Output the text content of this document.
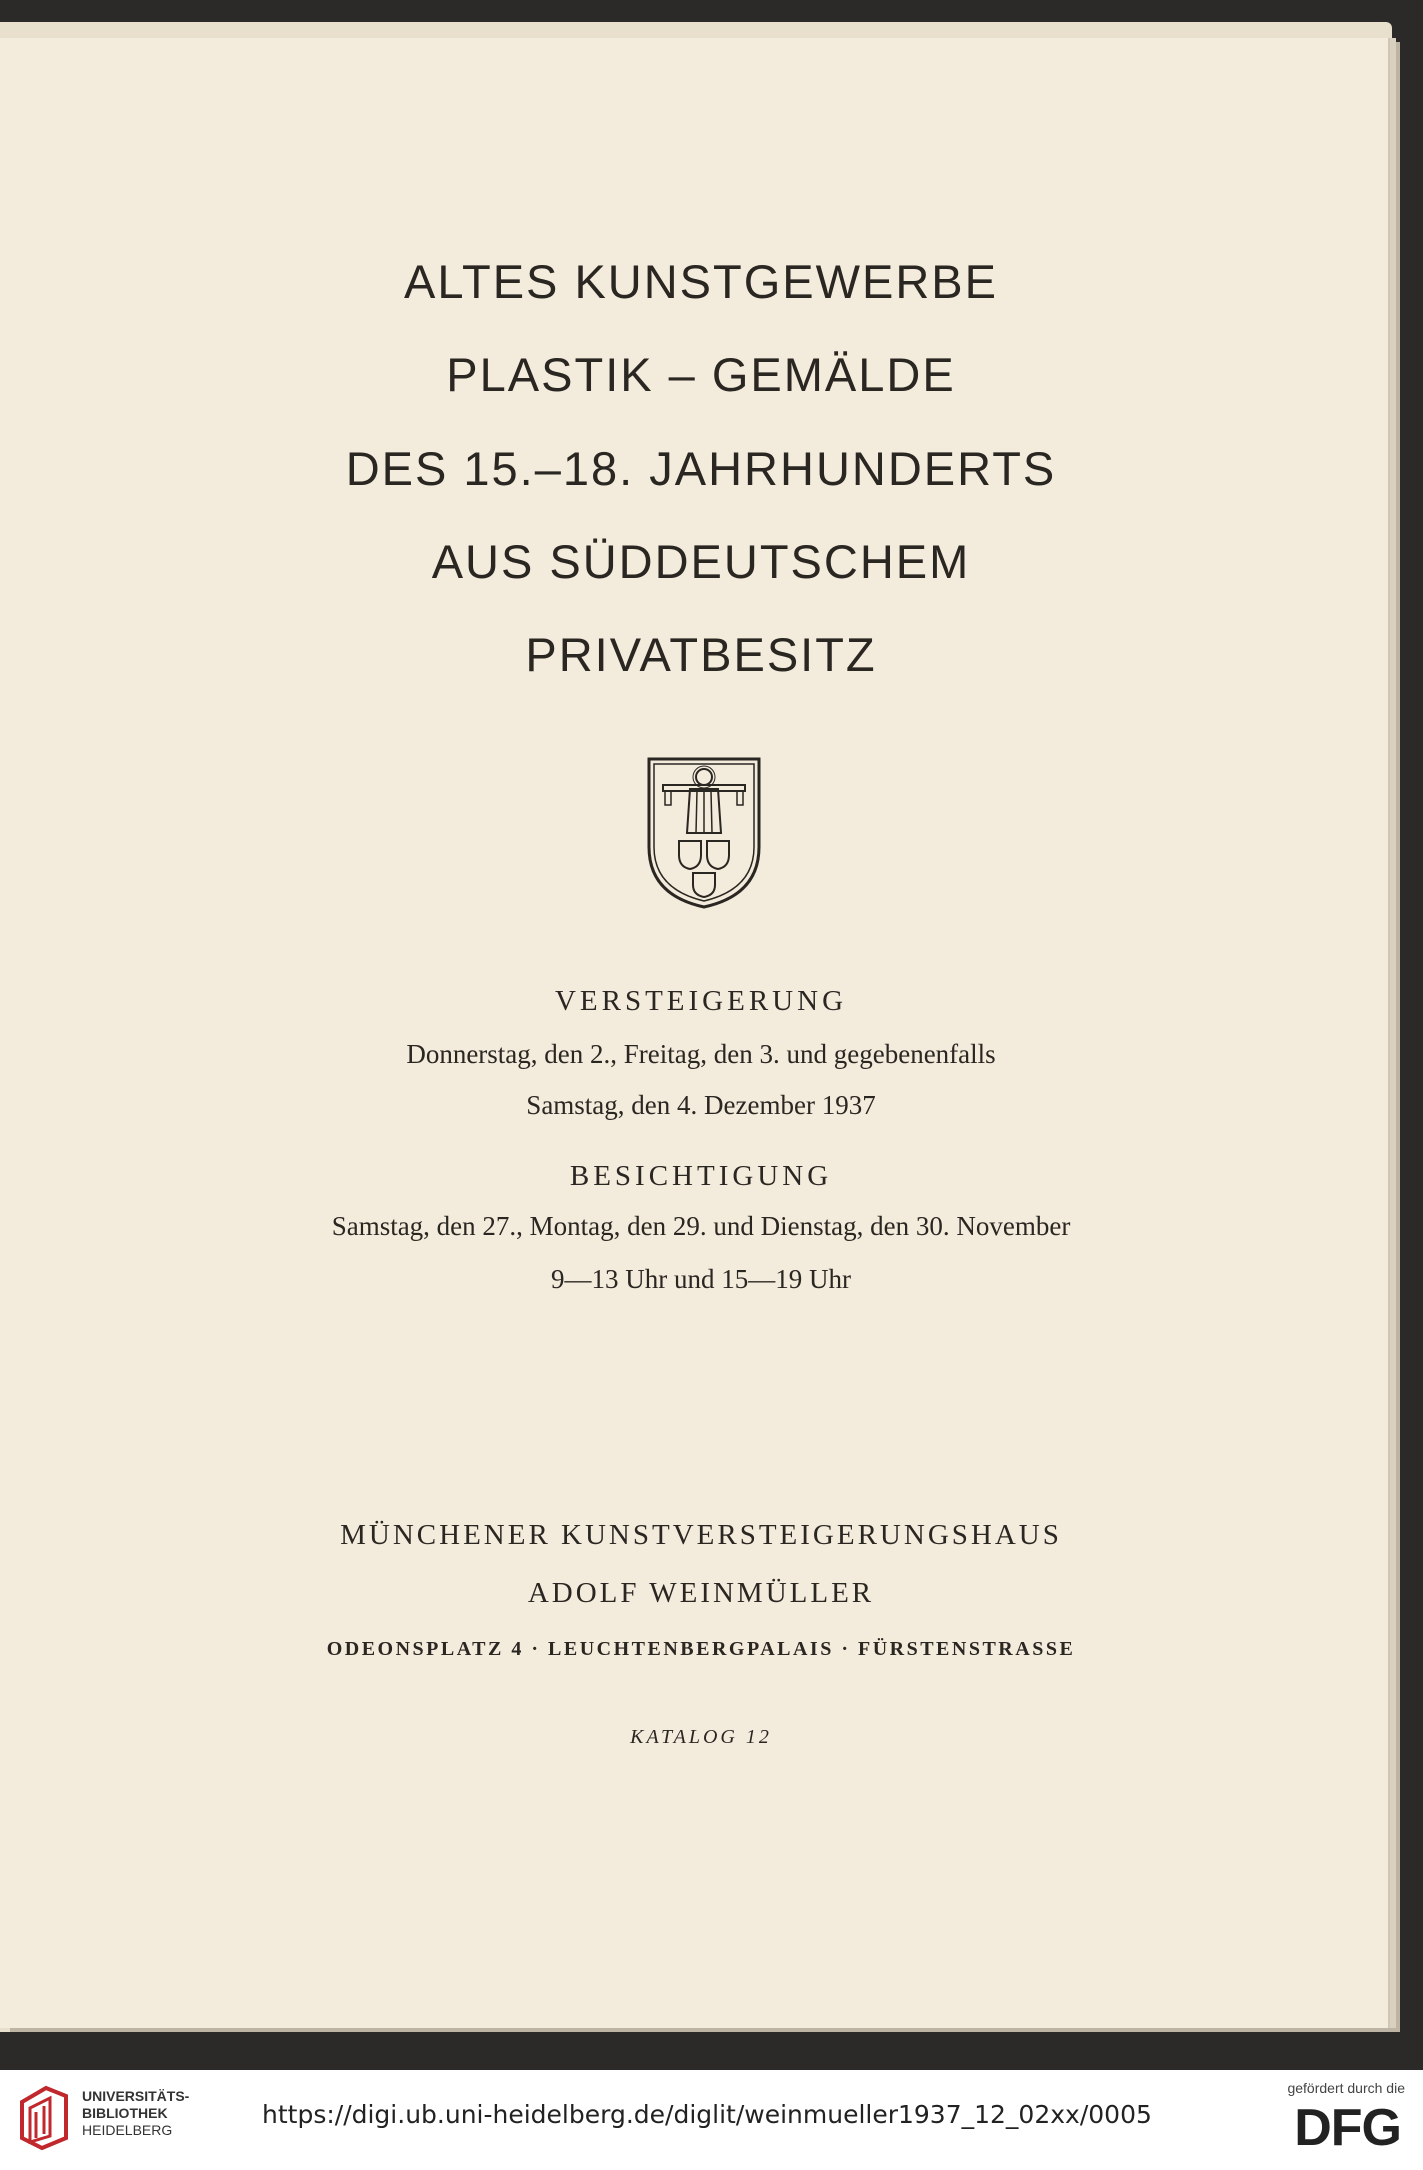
ALTES KUNSTGEWERBE
PLASTIK – GEMÄLDE
DES 15.–18. JAHRHUNDERTS
AUS SÜDDEUTSCHEM
PRIVATBESITZ
VERSTEIGERUNG
Donnerstag, den 2., Freitag, den 3. und gegebenenfalls
Samstag, den 4. Dezember 1937
BESICHTIGUNG
Samstag, den 27., Montag, den 29. und Dienstag, den 30. November
9—13 Uhr und 15—19 Uhr
MÜNCHENER KUNSTVERSTEIGERUNGSHAUS
ADOLF WEINMÜLLER
ODEONSPLATZ 4 · LEUCHTENBERGPALAIS · FÜRSTENSTRASSE
KATALOG 12
UNIVERSITÄTS-
BIBLIOTHEK
HEIDELBERG
https://digi.ub.uni-heidelberg.de/diglit/weinmueller1937_12_02xx/0005
gefördert durch die
DFG
